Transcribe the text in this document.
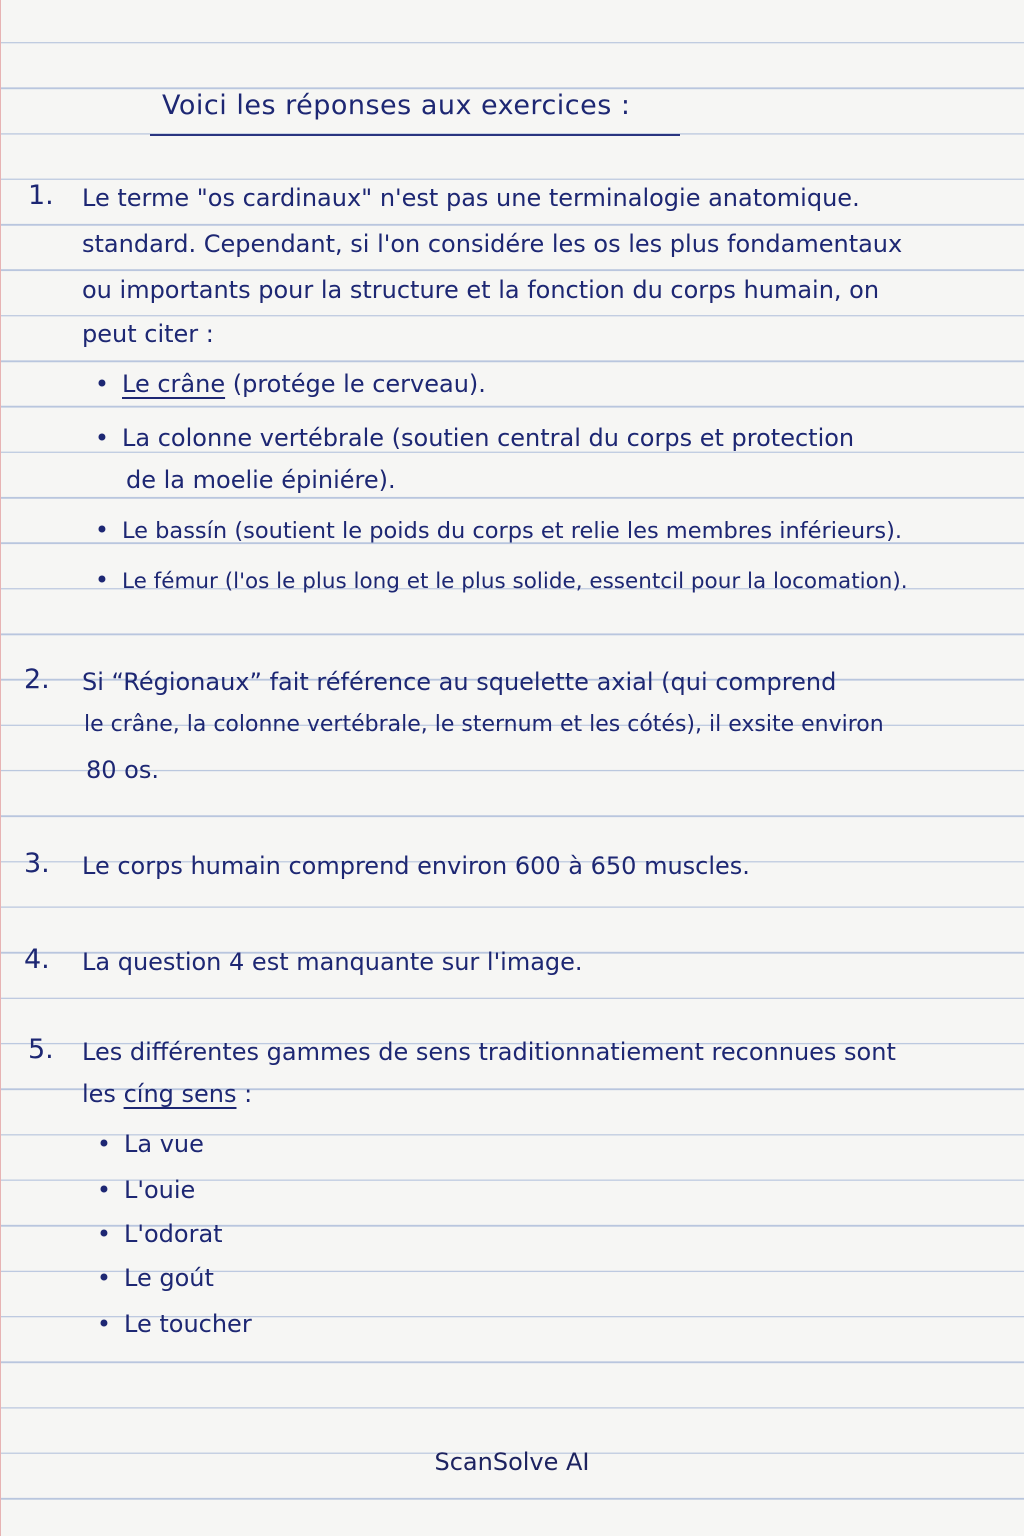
Voici les réponses aux exercices :
1. Le terme "os cardinaux" n'est pas une terminalogie anatomique.
standard. Cependant, si l'on considére les os les plus fondamentaux
ou importants pour la structure et la fonction du corps humain, on
peut citer :
• Le crâne (protége le cerveau).
• La colonne vertébrale (soutien central du corps et protection
de la moelie épiniére).
• Le bassín (soutient le poids du corps et relie les membres inférieurs).
• Le fémur (l'os le plus long et le plus solide, essentcil pour la locomation).
2. Si “Régionaux” fait référence au squelette axial (qui comprend
le crâne, la colonne vertébrale, le sternum et les cótés), il exsite environ
80 os.
3. Le corps humain comprend environ 600 à 650 muscles.
4. La question 4 est manquante sur l'image.
5. Les différentes gammes de sens traditionnatiement reconnues sont
les cíng sens :
• La vue
• L'ouie
• L'odorat
• Le goút
• Le toucher
ScanSolve AI
